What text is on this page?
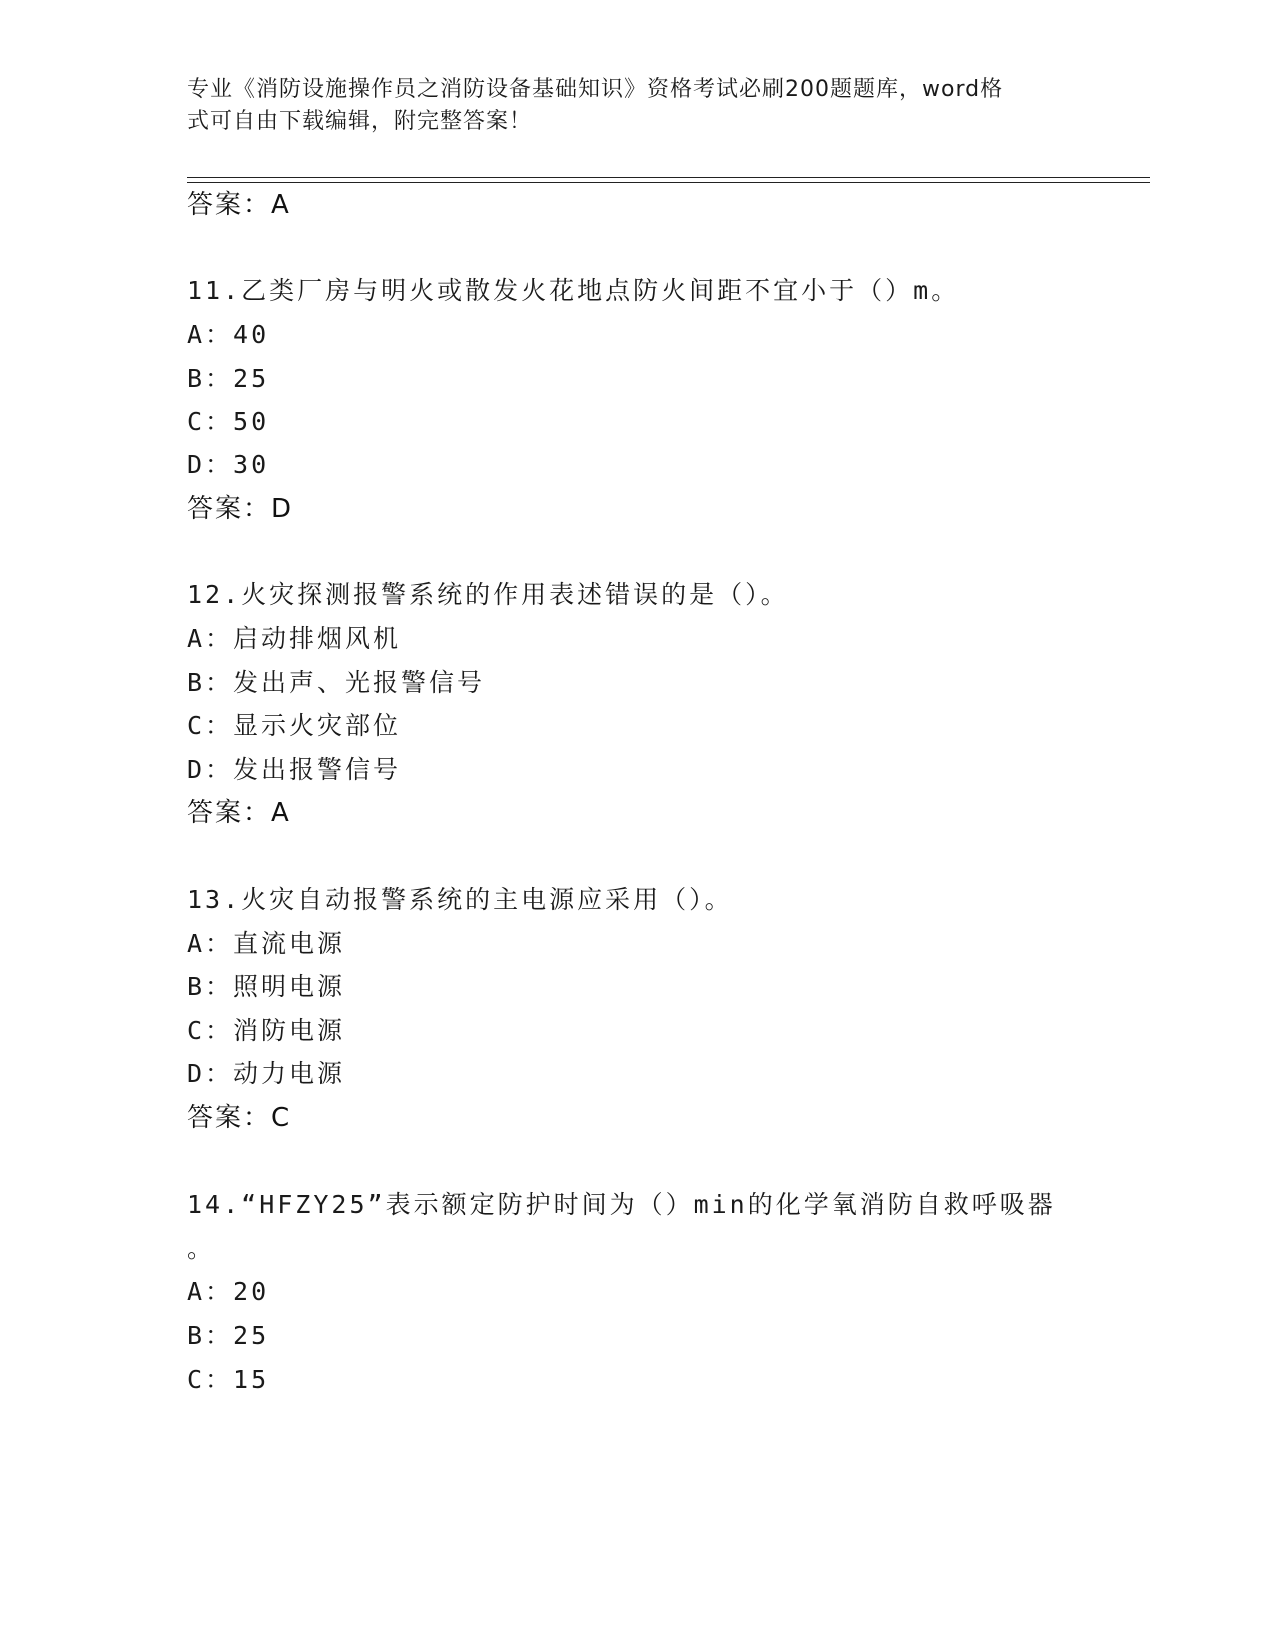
专业《消防设施操作员之消防设备基础知识》资格考试必刷200题题库，word格
式可自由下载编辑，附完整答案！
答案：A
11.乙类厂房与明火或散发火花地点防火间距不宜小于（）m。
A：40
B：25
C：50
D：30
答案：D
12.火灾探测报警系统的作用表述错误的是（）。
A：启动排烟风机
B：发出声、光报警信号
C：显示火灾部位
D：发出报警信号
答案：A
13.火灾自动报警系统的主电源应采用（）。
A：直流电源
B：照明电源
C：消防电源
D：动力电源
答案：C
14.“HFZY25”表示额定防护时间为（）min的化学氧消防自救呼吸器
。
A：20
B：25
C：15
